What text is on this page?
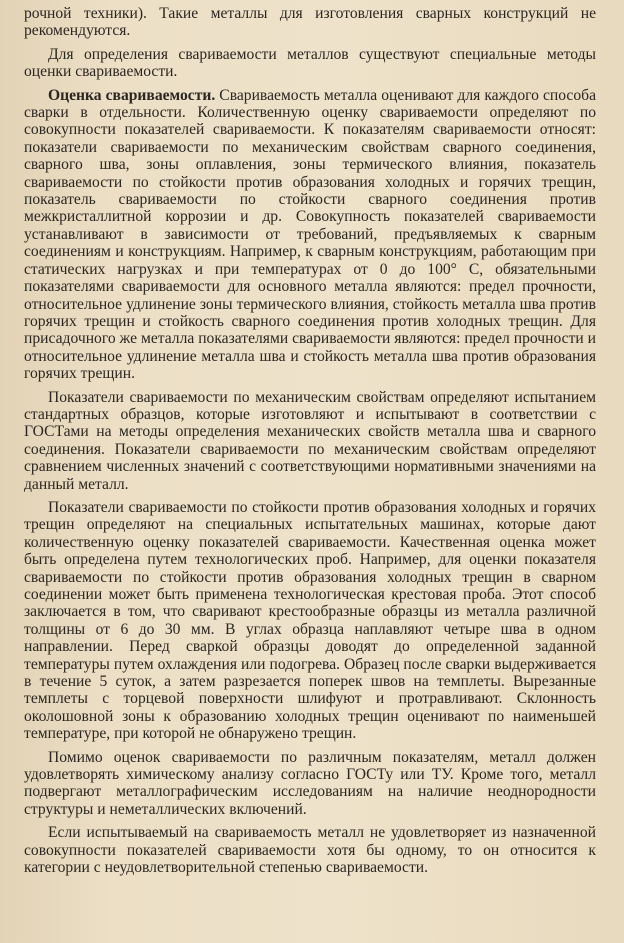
рочной техники). Такие металлы для изготовления сварных конструкций не рекомендуются.

Для определения свариваемости металлов существуют специальные методы оценки свариваемости.

Оценка свариваемости. Свариваемость металла оценивают для каждого способа сварки в отдельности. Количественную оценку свариваемости определяют по совокупности показателей свариваемости. К показателям свариваемости относят: показатели свариваемости по механическим свойствам сварного соединения, сварного шва, зоны оплавления, зоны термического влияния, показатель свариваемости по стойкости против образования холодных и горячих трещин, показатель свариваемости по стойкости сварного соединения против межкристаллитной коррозии и др. Совокупность показателей свариваемости устанавливают в зависимости от требований, предъявляемых к сварным соединениям и конструкциям. Например, к сварным конструкциям, работающим при статических нагрузках и при температурах от 0 до 100° С, обязательными показателями свариваемости для основного металла являются: предел прочности, относительное удлинение зоны термического влияния, стойкость металла шва против горячих трещин и стойкость сварного соединения против холодных трещин. Для присадочного же металла показателями свариваемости являются: предел прочности и относительное удлинение металла шва и стойкость металла шва против образования горячих трещин.

Показатели свариваемости по механическим свойствам определяют испытанием стандартных образцов, которые изготовляют и испытывают в соответствии с ГОСТами на методы определения механических свойств металла шва и сварного соединения. Показатели свариваемости по механическим свойствам определяют сравнением численных значений с соответствующими нормативными значениями на данный металл.

Показатели свариваемости по стойкости против образования холодных и горячих трещин определяют на специальных испытательных машинах, которые дают количественную оценку показателей свариваемости. Качественная оценка может быть определена путем технологических проб. Например, для оценки показателя свариваемости по стойкости против образования холодных трещин в сварном соединении может быть применена технологическая крестовая проба. Этот способ заключается в том, что сваривают крестообразные образцы из металла различной толщины от 6 до 30 мм. В углах образца наплавляют четыре шва в одном направлении. Перед сваркой образцы доводят до определенной заданной температуры путем охлаждения или подогрева. Образец после сварки выдерживается в течение 5 суток, а затем разрезается поперек швов на темплеты. Вырезанные темплеты с торцевой поверхности шлифуют и протравливают. Склонность околошовной зоны к образованию холодных трещин оценивают по наименьшей температуре, при которой не обнаружено трещин.

Помимо оценок свариваемости по различным показателям, металл должен удовлетворять химическому анализу согласно ГОСТу или ТУ. Кроме того, металл подвергают металлографическим исследованиям на наличие неоднородности структуры и неметаллических включений.

Если испытываемый на свариваемость металл не удовлетворяет из назначенной совокупности показателей свариваемости хотя бы одному, то он относится к категории с неудовлетворительной степенью свариваемости.
